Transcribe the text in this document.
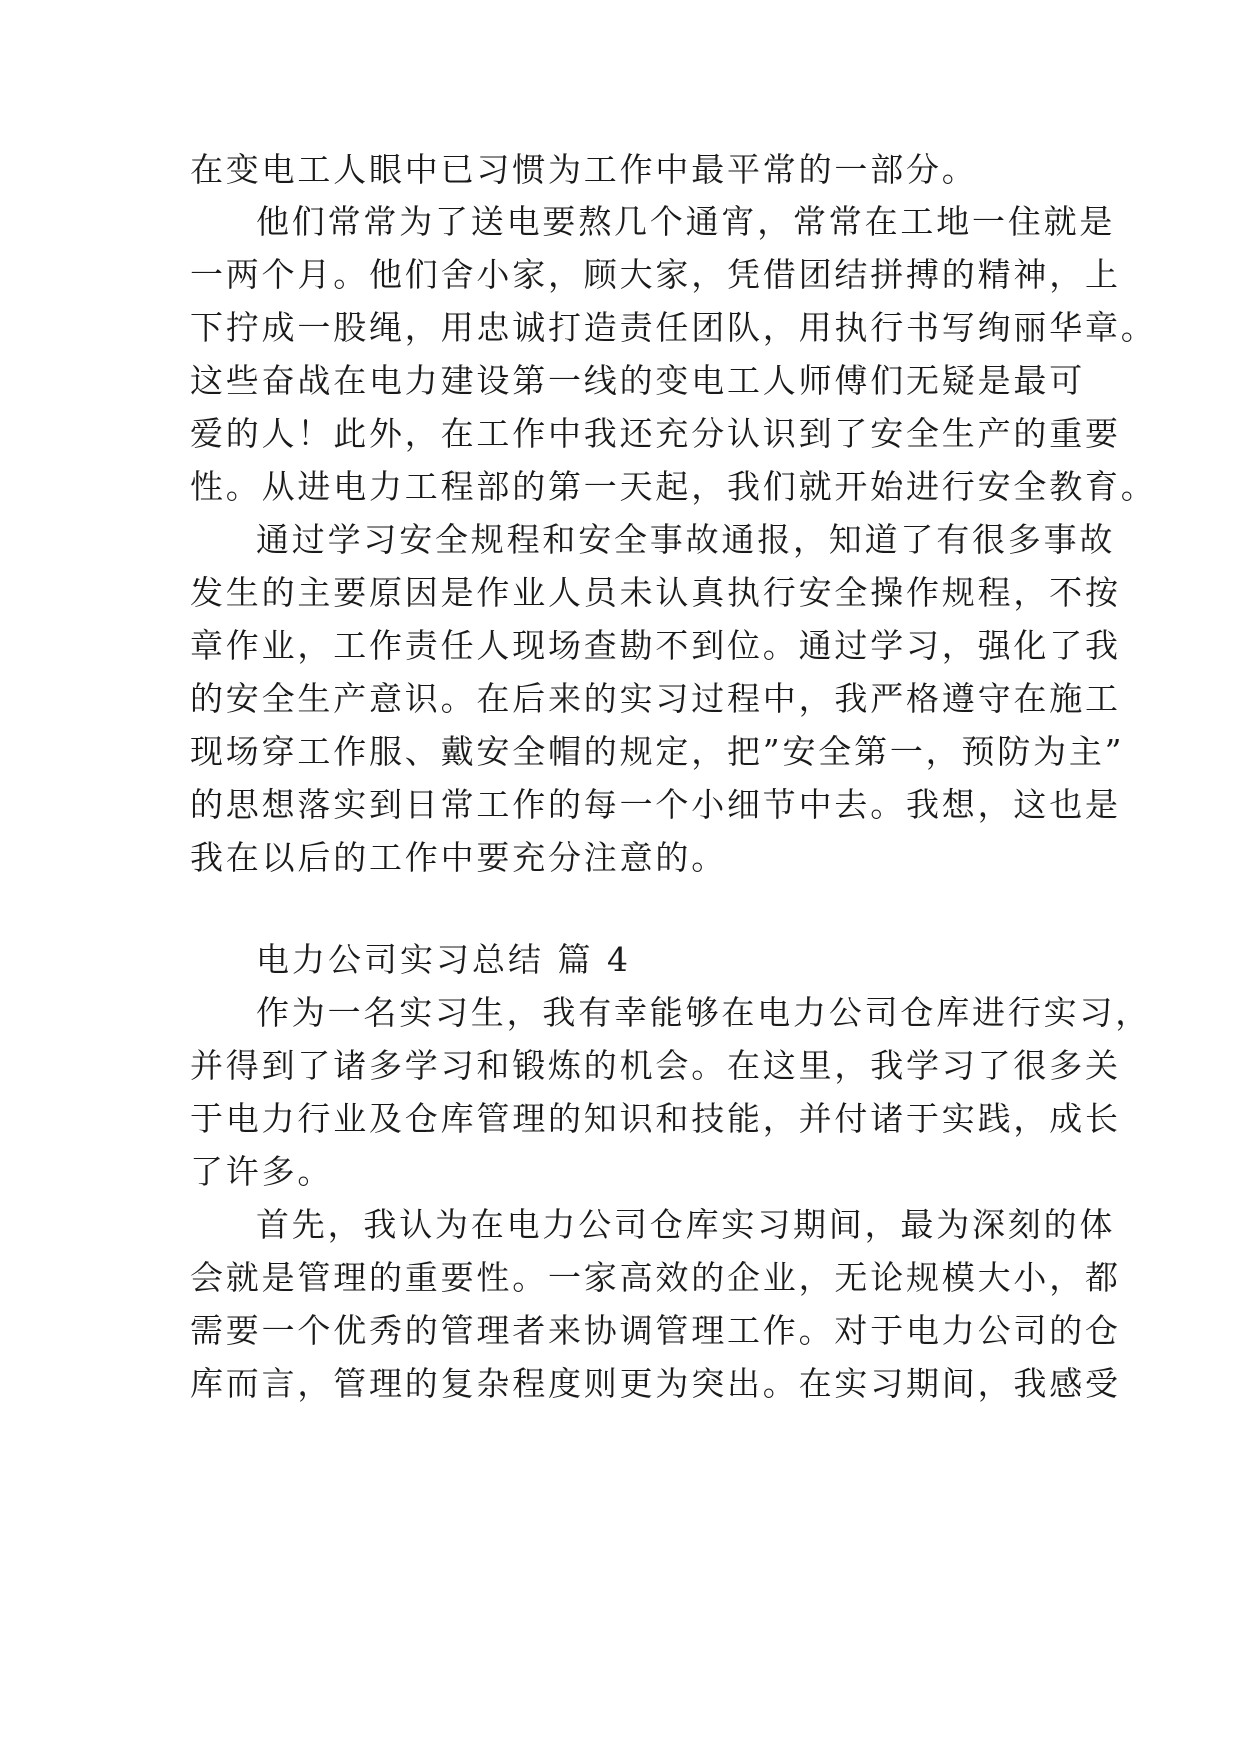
在变电工人眼中已习惯为工作中最平常的一部分。
他们常常为了送电要熬几个通宵，常常在工地一住就是
一两个月。他们舍小家，顾大家，凭借团结拼搏的精神，上
下拧成一股绳，用忠诚打造责任团队，用执行书写绚丽华章。
这些奋战在电力建设第一线的变电工人师傅们无疑是最可
爱的人！此外，在工作中我还充分认识到了安全生产的重要
性。从进电力工程部的第一天起，我们就开始进行安全教育。
通过学习安全规程和安全事故通报，知道了有很多事故
发生的主要原因是作业人员未认真执行安全操作规程，不按
章作业，工作责任人现场查勘不到位。通过学习，强化了我
的安全生产意识。在后来的实习过程中，我严格遵守在施工
现场穿工作服、戴安全帽的规定，把”安全第一，预防为主”
的思想落实到日常工作的每一个小细节中去。我想，这也是
我在以后的工作中要充分注意的。
电力公司实习总结 篇 4
作为一名实习生，我有幸能够在电力公司仓库进行实习，
并得到了诸多学习和锻炼的机会。在这里，我学习了很多关
于电力行业及仓库管理的知识和技能，并付诸于实践，成长
了许多。
首先，我认为在电力公司仓库实习期间，最为深刻的体
会就是管理的重要性。一家高效的企业，无论规模大小，都
需要一个优秀的管理者来协调管理工作。对于电力公司的仓
库而言，管理的复杂程度则更为突出。在实习期间，我感受
